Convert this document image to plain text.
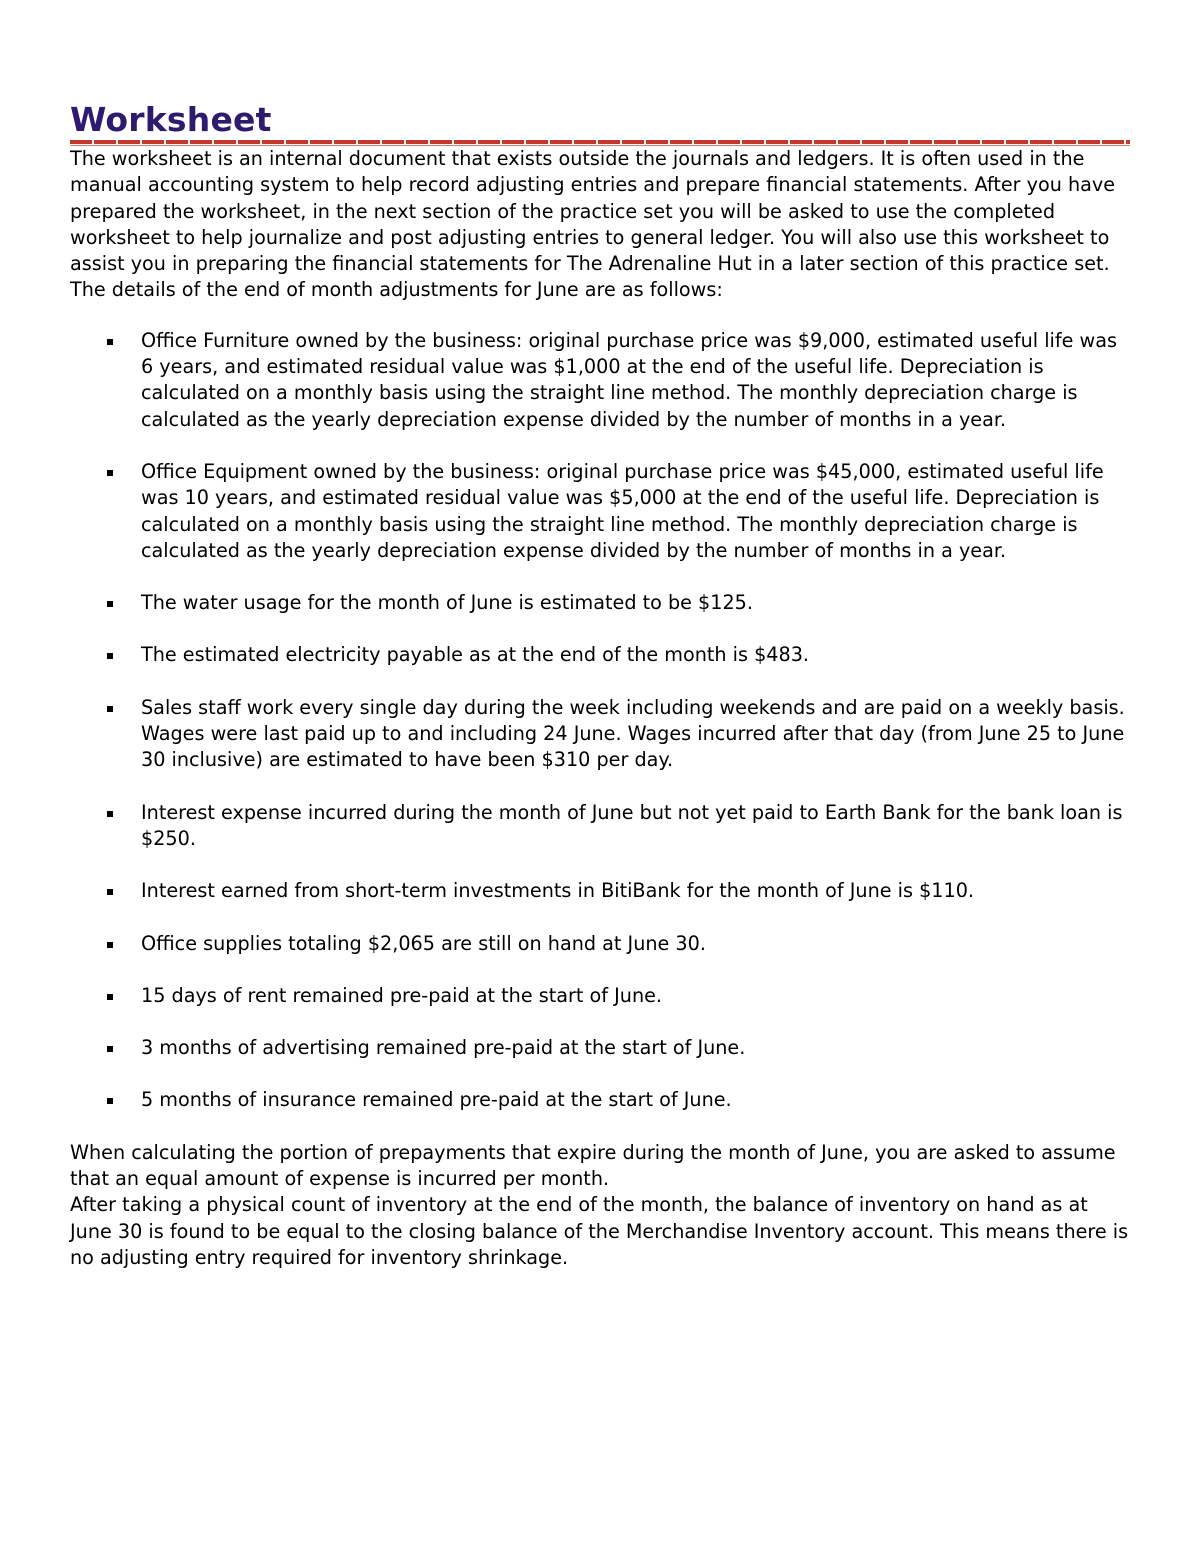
Worksheet

The worksheet is an internal document that exists outside the journals and ledgers. It is often used in the manual accounting system to help record adjusting entries and prepare financial statements. After you have prepared the worksheet, in the next section of the practice set you will be asked to use the completed worksheet to help journalize and post adjusting entries to general ledger. You will also use this worksheet to assist you in preparing the financial statements for The Adrenaline Hut in a later section of this practice set.

The details of the end of month adjustments for June are as follows:

Office Furniture owned by the business: original purchase price was $9,000, estimated useful life was 6 years, and estimated residual value was $1,000 at the end of the useful life. Depreciation is calculated on a monthly basis using the straight line method. The monthly depreciation charge is calculated as the yearly depreciation expense divided by the number of months in a year.
Office Equipment owned by the business: original purchase price was $45,000, estimated useful life was 10 years, and estimated residual value was $5,000 at the end of the useful life. Depreciation is calculated on a monthly basis using the straight line method. The monthly depreciation charge is calculated as the yearly depreciation expense divided by the number of months in a year.
The water usage for the month of June is estimated to be $125.
The estimated electricity payable as at the end of the month is $483.
Sales staff work every single day during the week including weekends and are paid on a weekly basis. Wages were last paid up to and including 24 June. Wages incurred after that day (from June 25 to June 30 inclusive) are estimated to have been $310 per day.
Interest expense incurred during the month of June but not yet paid to Earth Bank for the bank loan is $250.
Interest earned from short-term investments in BitiBank for the month of June is $110.
Office supplies totaling $2,065 are still on hand at June 30.
15 days of rent remained pre-paid at the start of June.
3 months of advertising remained pre-paid at the start of June.
5 months of insurance remained pre-paid at the start of June.

When calculating the portion of prepayments that expire during the month of June, you are asked to assume that an equal amount of expense is incurred per month.

After taking a physical count of inventory at the end of the month, the balance of inventory on hand as at June 30 is found to be equal to the closing balance of the Merchandise Inventory account. This means there is no adjusting entry required for inventory shrinkage.
